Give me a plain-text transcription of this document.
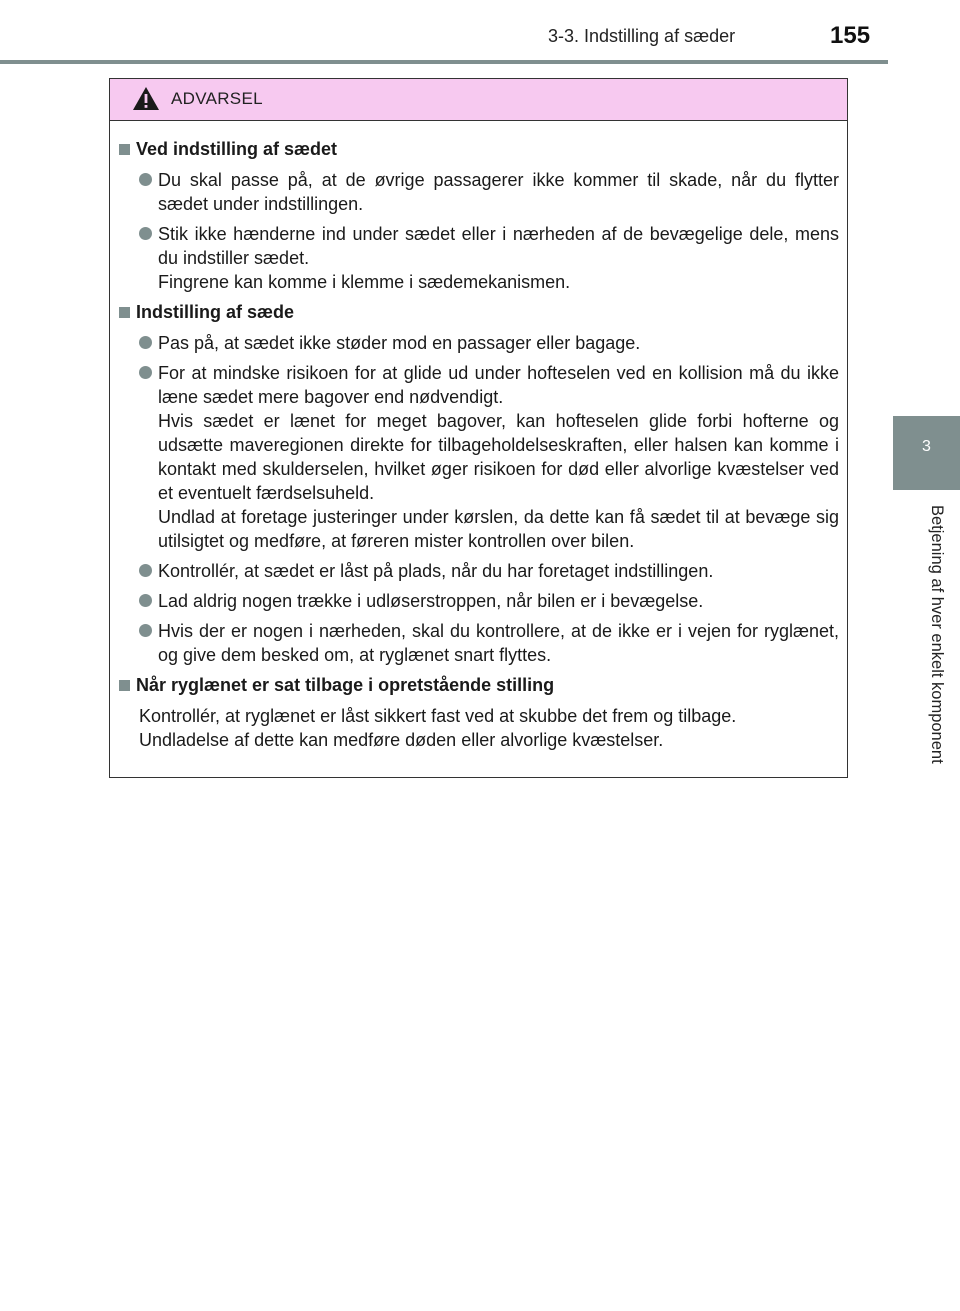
3-3. Indstilling af sæder	155
3
Betjening af hver enkelt komponent
ADVARSEL
Ved indstilling af sædet
Du skal passe på, at de øvrige passagerer ikke kommer til skade, når du flytter sædet under indstillingen.
Stik ikke hænderne ind under sædet eller i nærheden af de bevægelige dele, mens du indstiller sædet.
Fingrene kan komme i klemme i sædemekanismen.
Indstilling af sæde
Pas på, at sædet ikke støder mod en passager eller bagage.
For at mindske risikoen for at glide ud under hofteselen ved en kollision må du ikke læne sædet mere bagover end nødvendigt.
Hvis sædet er lænet for meget bagover, kan hofteselen glide forbi hofterne og udsætte maveregionen direkte for tilbageholdelseskraften, eller halsen kan komme i kontakt med skulderselen, hvilket øger risikoen for død eller alvorlige kvæstelser ved et eventuelt færdselsuheld.
Undlad at foretage justeringer under kørslen, da dette kan få sædet til at bevæge sig utilsigtet og medføre, at føreren mister kontrollen over bilen.
Kontrollér, at sædet er låst på plads, når du har foretaget indstillingen.
Lad aldrig nogen trække i udløserstroppen, når bilen er i bevægelse.
Hvis der er nogen i nærheden, skal du kontrollere, at de ikke er i vejen for ryglænet, og give dem besked om, at ryglænet snart flyttes.
Når ryglænet er sat tilbage i opretstående stilling
Kontrollér, at ryglænet er låst sikkert fast ved at skubbe det frem og tilbage.
Undladelse af dette kan medføre døden eller alvorlige kvæstelser.
